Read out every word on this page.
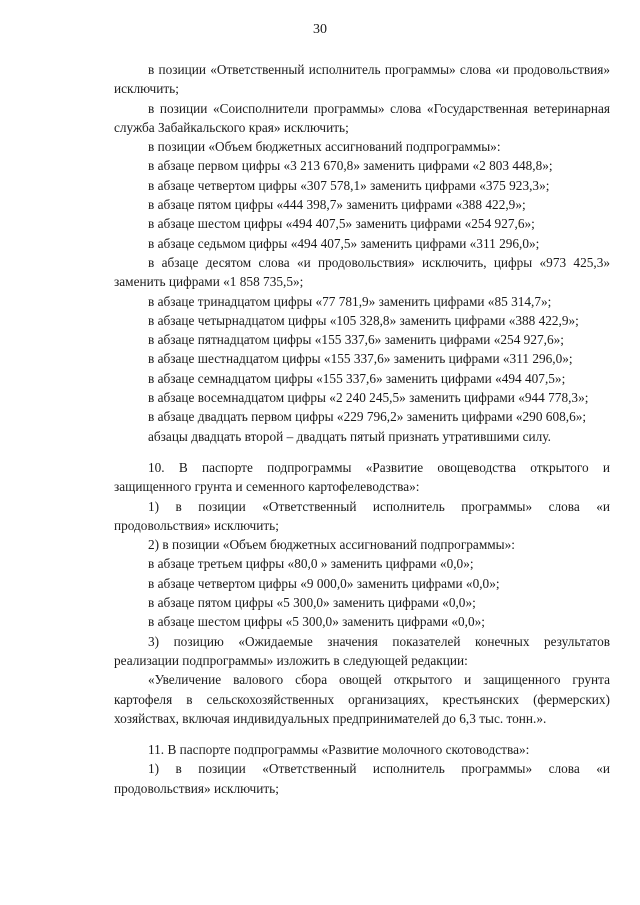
30

в позиции «Ответственный исполнитель программы» слова «и продовольствия» исключить;

в позиции «Соисполнители программы» слова «Государственная ветеринарная служба Забайкальского края» исключить;

в позиции «Объем бюджетных ассигнований подпрограммы»:

в абзаце первом цифры «3 213 670,8» заменить цифрами «2 803 448,8»;

в абзаце четвертом цифры «307 578,1» заменить цифрами «375 923,3»;

в абзаце пятом цифры «444 398,7» заменить цифрами «388 422,9»;

в абзаце шестом цифры «494 407,5» заменить цифрами «254 927,6»;

в абзаце седьмом цифры «494 407,5» заменить цифрами «311 296,0»;

в абзаце десятом слова «и продовольствия» исключить, цифры «973 425,3» заменить цифрами «1 858 735,5»;

в абзаце тринадцатом цифры «77 781,9» заменить цифрами «85 314,7»;

в абзаце четырнадцатом цифры «105 328,8» заменить цифрами «388 422,9»;

в абзаце пятнадцатом цифры «155 337,6» заменить цифрами «254 927,6»;

в абзаце шестнадцатом цифры «155 337,6» заменить цифрами «311 296,0»;

в абзаце семнадцатом цифры «155 337,6» заменить цифрами «494 407,5»;

в абзаце восемнадцатом цифры «2 240 245,5» заменить цифрами «944 778,3»;

в абзаце двадцать первом цифры «229 796,2» заменить цифрами «290 608,6»;

абзацы двадцать второй – двадцать пятый признать утратившими силу.

10. В паспорте подпрограммы «Развитие овощеводства открытого и защищенного грунта и семенного картофелеводства»:

1) в позиции «Ответственный исполнитель программы» слова «и продовольствия» исключить;

2) в позиции «Объем бюджетных ассигнований подпрограммы»:

в абзаце третьем цифры «80,0 » заменить цифрами «0,0»;

в абзаце четвертом цифры «9 000,0» заменить цифрами «0,0»;

в абзаце пятом цифры «5 300,0» заменить цифрами «0,0»;

в абзаце шестом цифры «5 300,0» заменить цифрами «0,0»;

3) позицию «Ожидаемые значения показателей конечных результатов реализации подпрограммы» изложить в следующей редакции:

«Увеличение валового сбора овощей открытого и защищенного грунта картофеля в сельскохозяйственных организациях, крестьянских (фермерских) хозяйствах, включая индивидуальных предпринимателей до 6,3 тыс. тонн.».

11. В паспорте подпрограммы «Развитие молочного скотоводства»:

1) в позиции «Ответственный исполнитель программы» слова «и продовольствия» исключить;
